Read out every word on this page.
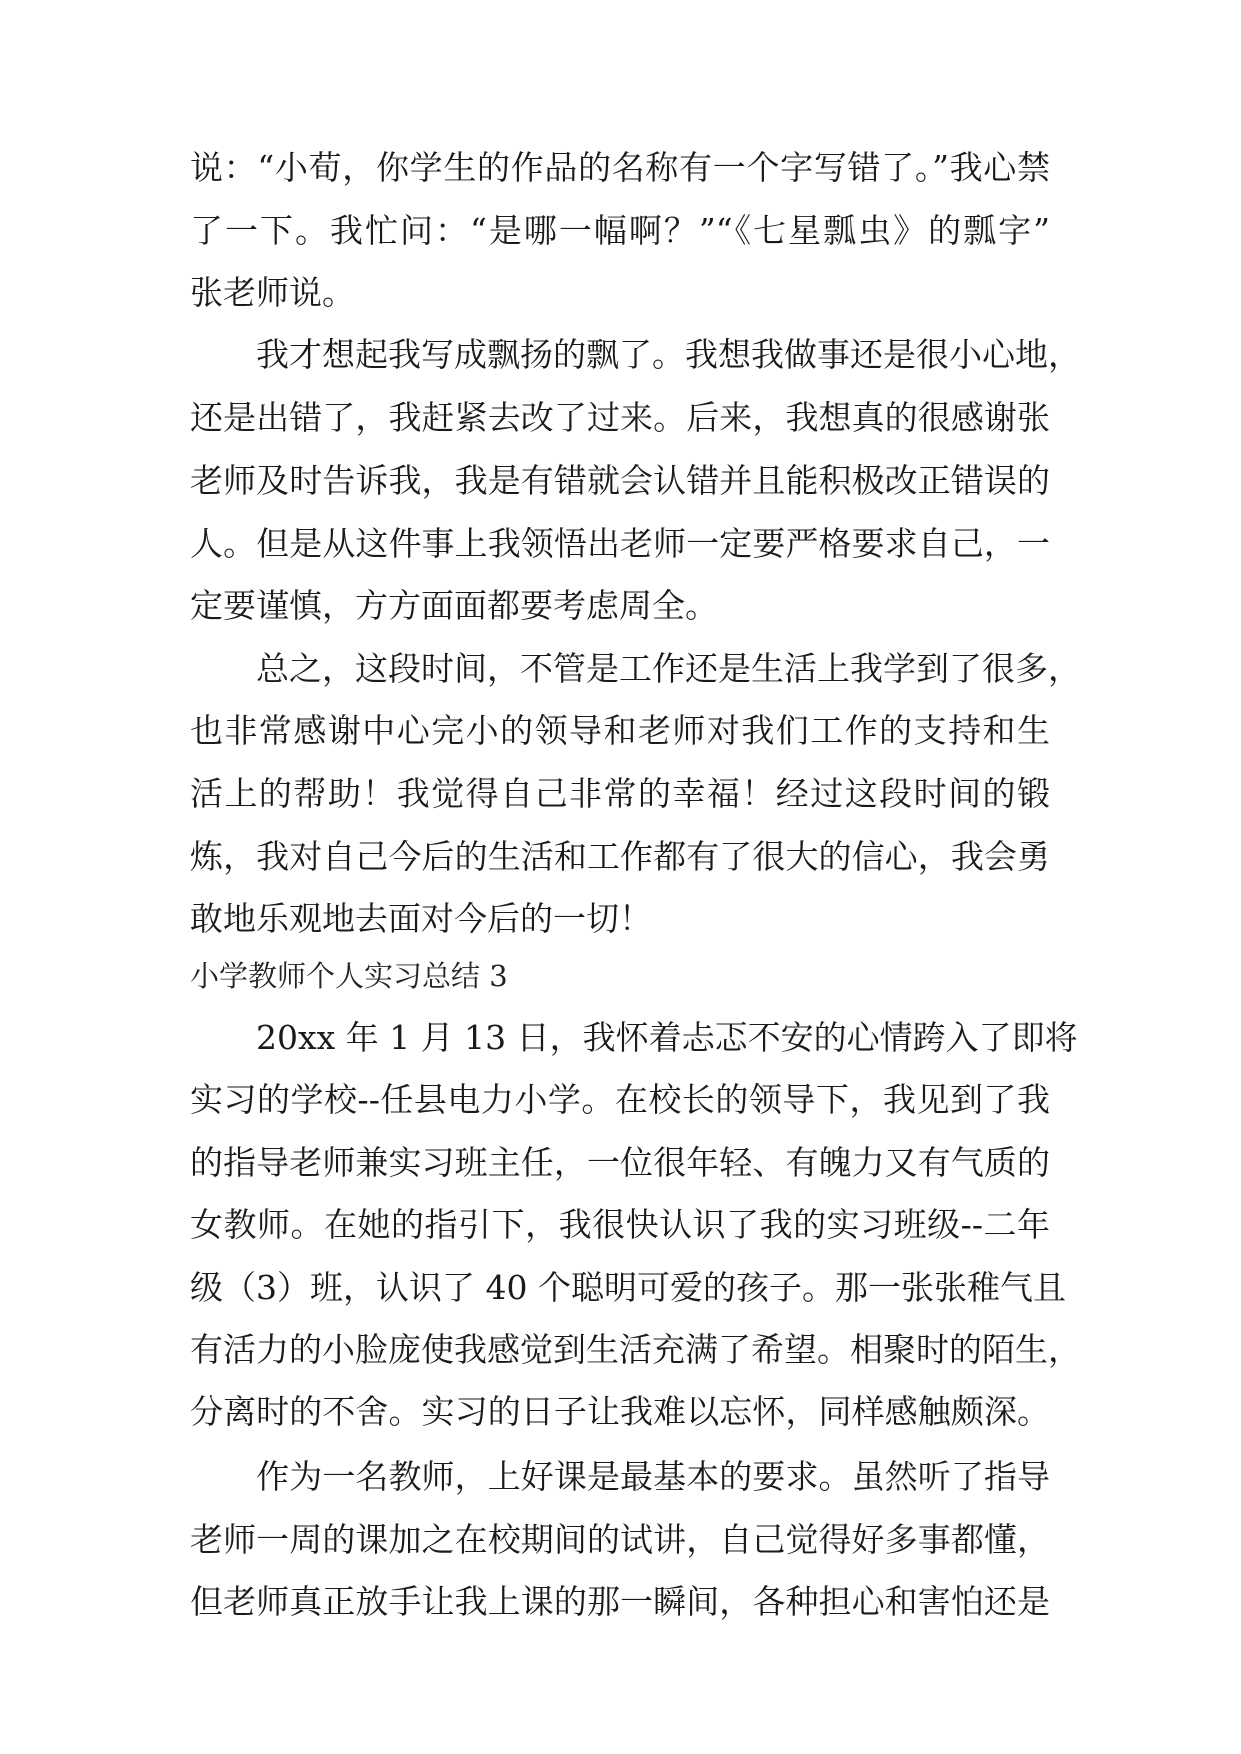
说：“小荀，你学生的作品的名称有一个字写错了。”我心禁
了一下。我忙问：“是哪一幅啊？”“《七星瓢虫》的瓢字”
张老师说。
　　我才想起我写成飘扬的飘了。我想我做事还是很小心地，
还是出错了，我赶紧去改了过来。后来，我想真的很感谢张
老师及时告诉我，我是有错就会认错并且能积极改正错误的
人。但是从这件事上我领悟出老师一定要严格要求自己，一
定要谨慎，方方面面都要考虑周全。
　　总之，这段时间，不管是工作还是生活上我学到了很多，
也非常感谢中心完小的领导和老师对我们工作的支持和生
活上的帮助！我觉得自己非常的幸福！经过这段时间的锻
炼，我对自己今后的生活和工作都有了很大的信心，我会勇
敢地乐观地去面对今后的一切！
小学教师个人实习总结 3
　　20xx 年 1 月 13 日，我怀着忐忑不安的心情跨入了即将
实习的学校--任县电力小学。在校长的领导下，我见到了我
的指导老师兼实习班主任，一位很年轻、有魄力又有气质的
女教师。在她的指引下，我很快认识了我的实习班级--二年
级（3）班，认识了 40 个聪明可爱的孩子。那一张张稚气且
有活力的小脸庞使我感觉到生活充满了希望。相聚时的陌生，
分离时的不舍。实习的日子让我难以忘怀，同样感触颇深。
　　作为一名教师，上好课是最基本的要求。虽然听了指导
老师一周的课加之在校期间的试讲，自己觉得好多事都懂，
但老师真正放手让我上课的那一瞬间，各种担心和害怕还是
